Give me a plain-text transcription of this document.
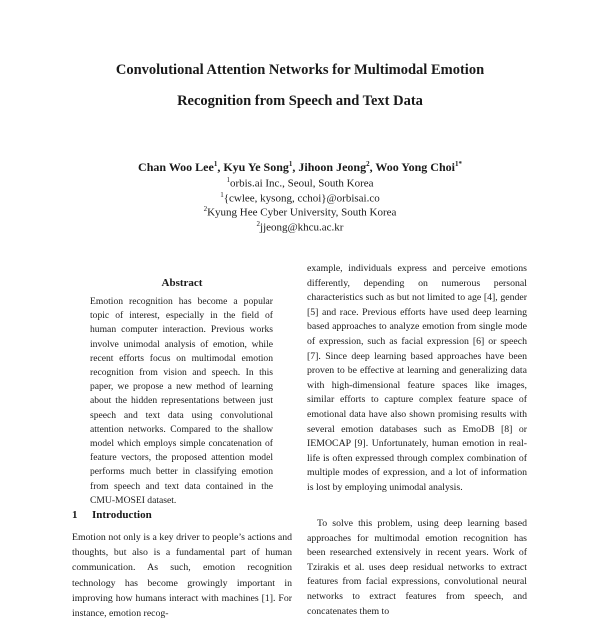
Convolutional Attention Networks for Multimodal Emotion
Recognition from Speech and Text Data
Chan Woo Lee$^1$, Kyu Ye Song$^1$, Jihoon Jeong$^2$, Woo Yong Choi$^{1*}$
$^1$orbis.ai Inc., Seoul, South Korea
$^1${cwlee, kysong, cchoi}@orbisai.co
$^2$Kyung Hee Cyber University, South Korea
$^2$jjeong@khcu.ac.kr
Abstract
Emotion recognition has become a popular topic of interest, especially in the field of human computer interaction. Previous works involve unimodal analysis of emotion, while recent efforts focus on multimodal emotion recognition from vision and speech. In this paper, we propose a new method of learning about the hidden representations between just speech and text data using convolutional attention networks. Compared to the shallow model which employs simple concatenation of feature vectors, the proposed attention model performs much better in classifying emotion from speech and text data contained in the CMU-MOSEI dataset.
1 Introduction
Emotion not only is a key driver to people’s actions and thoughts, but also is a fundamental part of human communication. As such, emotion recognition technology has become growingly important in improving how humans interact with machines [1]. For instance, emotion recog-

example, individuals express and perceive emotions differently, depending on numerous personal characteristics such as but not limited to age [4], gender [5] and race. Previous efforts have used deep learning based approaches to analyze emotion from single mode of expression, such as facial expression [6] or speech [7]. Since deep learning based approaches have been proven to be effective at learning and generalizing data with high-dimensional feature spaces like images, similar efforts to capture complex feature space of emotional data have also shown promising results with several emotion databases such as EmoDB [8] or IEMOCAP [9]. Unfortunately, human emotion in real-life is often expressed through complex combination of multiple modes of expression, and a lot of information is lost by employing unimodal analysis.

To solve this problem, using deep learning based approaches for multimodal emotion recognition has been researched extensively in recent years. Work of Tzirakis et al. uses deep residual networks to extract features from facial expressions, convolutional neural networks to extract features from speech, and concatenates them to
